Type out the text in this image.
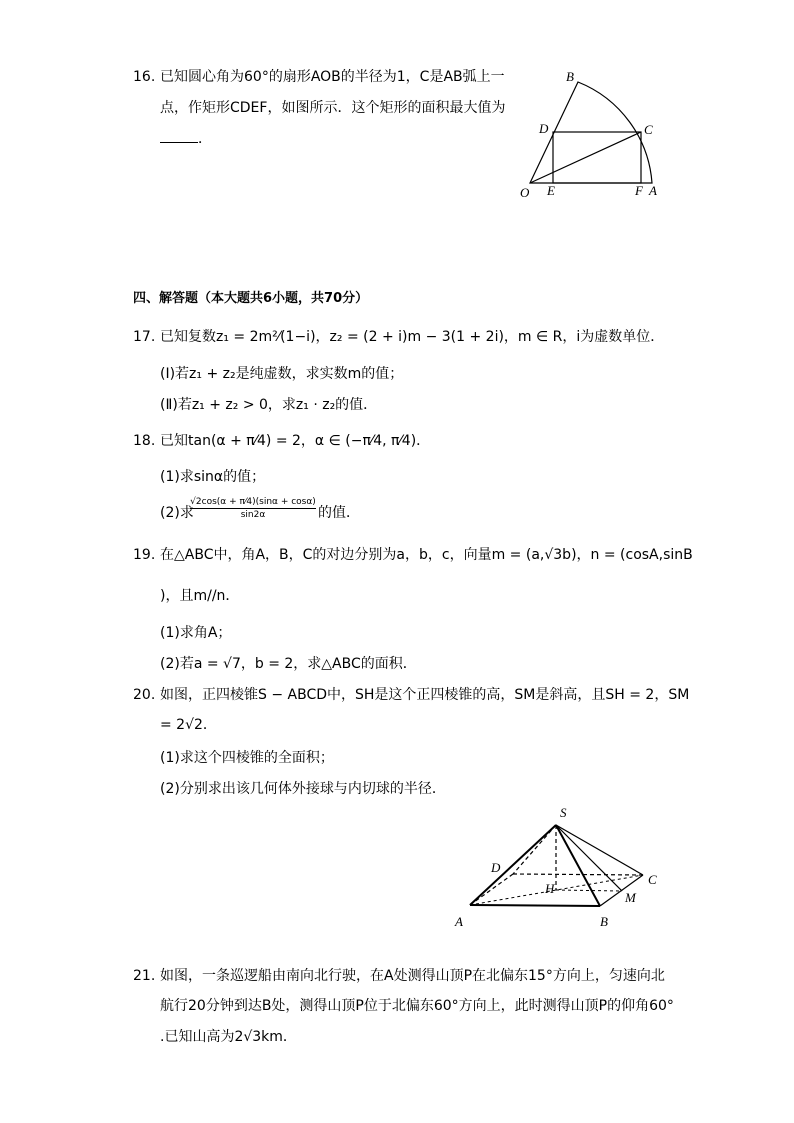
16. 已知圆心角为60°的扇形AOB的半径为1，C是AB弧上一
点，作矩形CDEF，如图所示．这个矩形的面积最大值为
．
B
C
D
O E	F A
四、解答题（本大题共6小题，共70分）
17. 已知复数z₁ = 2m²⁄(1−i)，z₂ = (2 + i)m − 3(1 + 2i)，m ∈ R，i为虚数单位．
(Ⅰ)若z₁ + z₂是纯虚数，求实数m的值；
(Ⅱ)若z₁ + z₂ > 0，求z₁ · z₂的值．
18. 已知tan(α + π⁄4) = 2，α ∈ (−π⁄4, π⁄4)．
(1)求sinα的值；
(2)求
$\frac{√2\cos(\alpha + \pi⁄4)(\sin\alpha + \cos\alpha)}{\sin 2\alpha}$ 的值．
19. 在△ABC中，角A，B，C的对边分别为a，b，c，向量m = (a,√3b)，n = (cosA,sinB
)，且m//n．
(1)求角A；
(2)若a = √7，b = 2，求△ABC的面积．
20. 如图，正四棱锥S − ABCD中，SH是这个正四棱锥的高，SM是斜高，且SH = 2，SM
= 2√2．
(1)求这个四棱锥的全面积；
(2)分别求出该几何体外接球与内切球的半径．
S
D
C
H
M
A	B
21. 如图，一条巡逻船由南向北行驶，在A处测得山顶P在北偏东15°方向上，匀速向北
航行20分钟到达B处，测得山顶P位于北偏东60°方向上，此时测得山顶P的仰角60°
.已知山高为2√3km．
